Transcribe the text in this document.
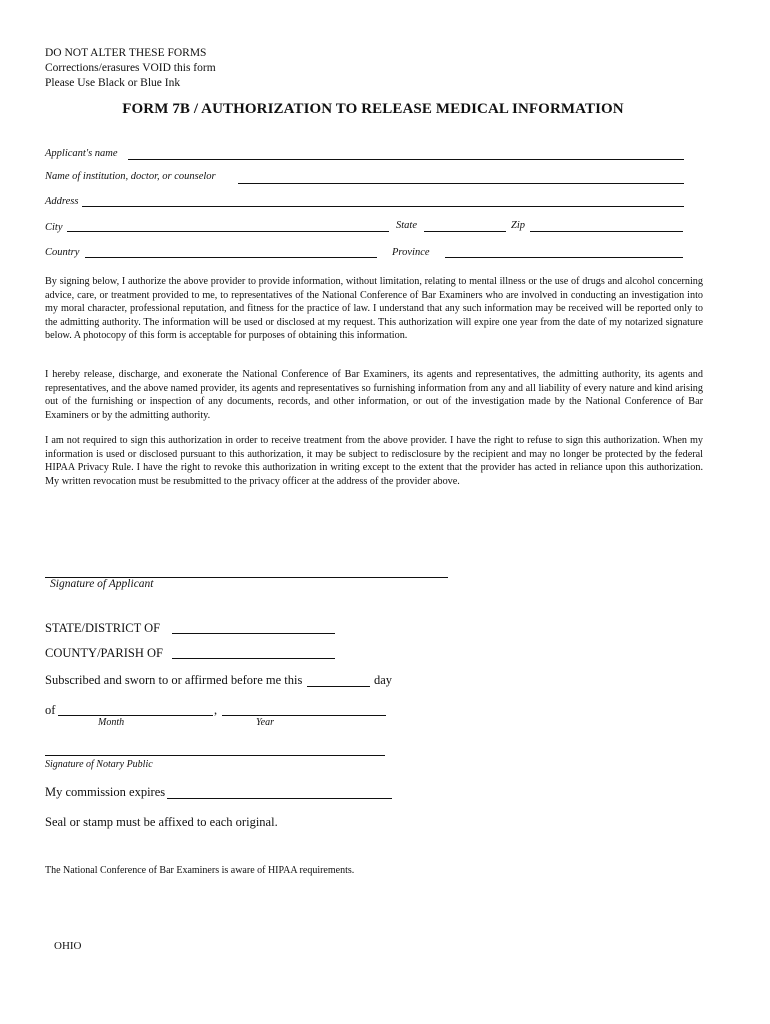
DO NOT ALTER THESE FORMS
Corrections/erasures VOID this form
Please Use Black or Blue Ink
FORM 7B / AUTHORIZATION TO RELEASE MEDICAL INFORMATION
Applicant's name
Name of institution, doctor, or counselor
Address
City	State	Zip
Country	Province
By signing below, I authorize the above provider to provide information, without limitation, relating to mental illness or the use of drugs and alcohol concerning advice, care, or treatment provided to me, to representatives of the National Conference of Bar Examiners who are involved in conducting an investigation into my moral character, professional reputation, and fitness for the practice of law. I understand that any such information may be received will be reported only to the admitting authority. The information will be used or disclosed at my request. This authorization will expire one year from the date of my notarized signature below. A photocopy of this form is acceptable for purposes of obtaining this information.
I hereby release, discharge, and exonerate the National Conference of Bar Examiners, its agents and representatives, the admitting authority, its agents and representatives, and the above named provider, its agents and representatives so furnishing information from any and all liability of every nature and kind arising out of the furnishing or inspection of any documents, records, and other information, or out of the investigation made by the National Conference of Bar Examiners or by the admitting authority.
I am not required to sign this authorization in order to receive treatment from the above provider. I have the right to refuse to sign this authorization. When my information is used or disclosed pursuant to this authorization, it may be subject to redisclosure by the recipient and may no longer be protected by the federal HIPAA Privacy Rule. I have the right to revoke this authorization in writing except to the extent that the provider has acted in reliance upon this authorization. My written revocation must be resubmitted to the privacy officer at the address of the provider above.
Signature of Applicant
STATE/DISTRICT OF
COUNTY/PARISH OF
Subscribed and sworn to or affirmed before me this	day
of	,
Month	Year
Signature of Notary Public
My commission expires
Seal or stamp must be affixed to each original.
The National Conference of Bar Examiners is aware of HIPAA requirements.
OHIO
